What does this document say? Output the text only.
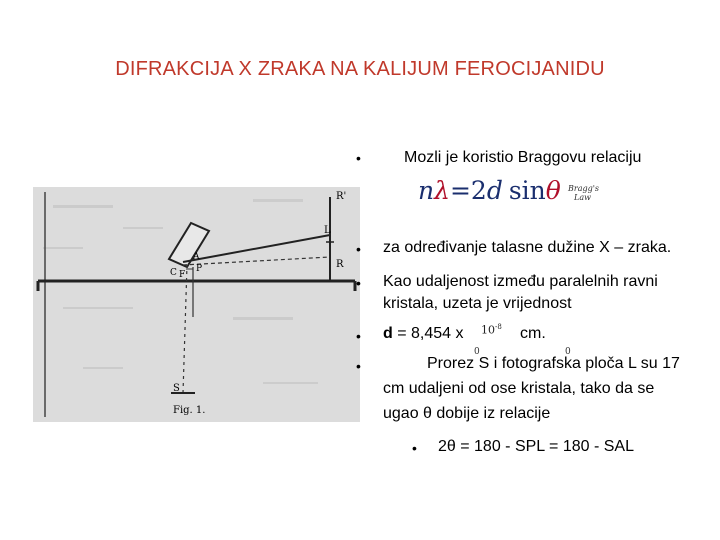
DIFRAKCIJA X ZRAKA NA KALIJUM FEROCIJANIDU
R'
L
R
A
C F
P
S
Fig. 1.
•	Mozli je koristio Braggovu relaciju
nλ=2d sinθ Bragg's
Law
• za određivanje talasne dužine X – zraka.
• Kao udaljenost između paralelnih ravni
kristala, uzeta je vrijednost
• d = 8,454 x $10^{-8}$ cm.
•
0	0
Prorez S i fotografska ploča L su 17
cm udaljeni od ose kristala, tako da se
ugao θ dobije iz relacije
• 2θ = 180 - SPL = 180 - SAL
